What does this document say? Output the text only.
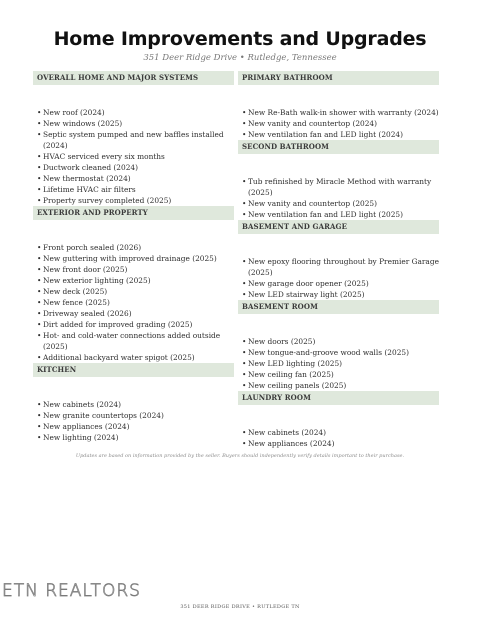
Home Improvements and Upgrades
351 Deer Ridge Drive • Rutledge, Tennessee
OVERALL HOME AND MAJOR SYSTEMS
• New roof (2024)
• New windows (2025)
• Septic system pumped and new baffles installed (2024)
• HVAC serviced every six months
• Ductwork cleaned (2024)
• New thermostat (2024)
• Lifetime HVAC air filters
• Property survey completed (2025)
EXTERIOR AND PROPERTY
• Front porch sealed (2026)
• New guttering with improved drainage (2025)
• New front door (2025)
• New exterior lighting (2025)
• New deck (2025)
• New fence (2025)
• Driveway sealed (2026)
• Dirt added for improved grading (2025)
• Hot- and cold-water connections added outside (2025)
• Additional backyard water spigot (2025)
KITCHEN
• New cabinets (2024)
• New granite countertops (2024)
• New appliances (2024)
• New lighting (2024)
PRIMARY BATHROOM
• New Re-Bath walk-in shower with warranty (2024)
• New vanity and countertop (2024)
• New ventilation fan and LED light (2024)
SECOND BATHROOM
• Tub refinished by Miracle Method with warranty (2025)
• New vanity and countertop (2025)
• New ventilation fan and LED light (2025)
BASEMENT AND GARAGE
• New epoxy flooring throughout by Premier Garage (2025)
• New garage door opener (2025)
• New LED stairway light (2025)
BASEMENT ROOM
• New doors (2025)
• New tongue-and-groove wood walls (2025)
• New LED lighting (2025)
• New ceiling fan (2025)
• New ceiling panels (2025)
LAUNDRY ROOM
• New cabinets (2024)
• New appliances (2024)
Updates are based on information provided by the seller. Buyers should independently verify details important to their purchase.
ETN REALTORS
351 DEER RIDGE DRIVE • RUTLEDGE TN
